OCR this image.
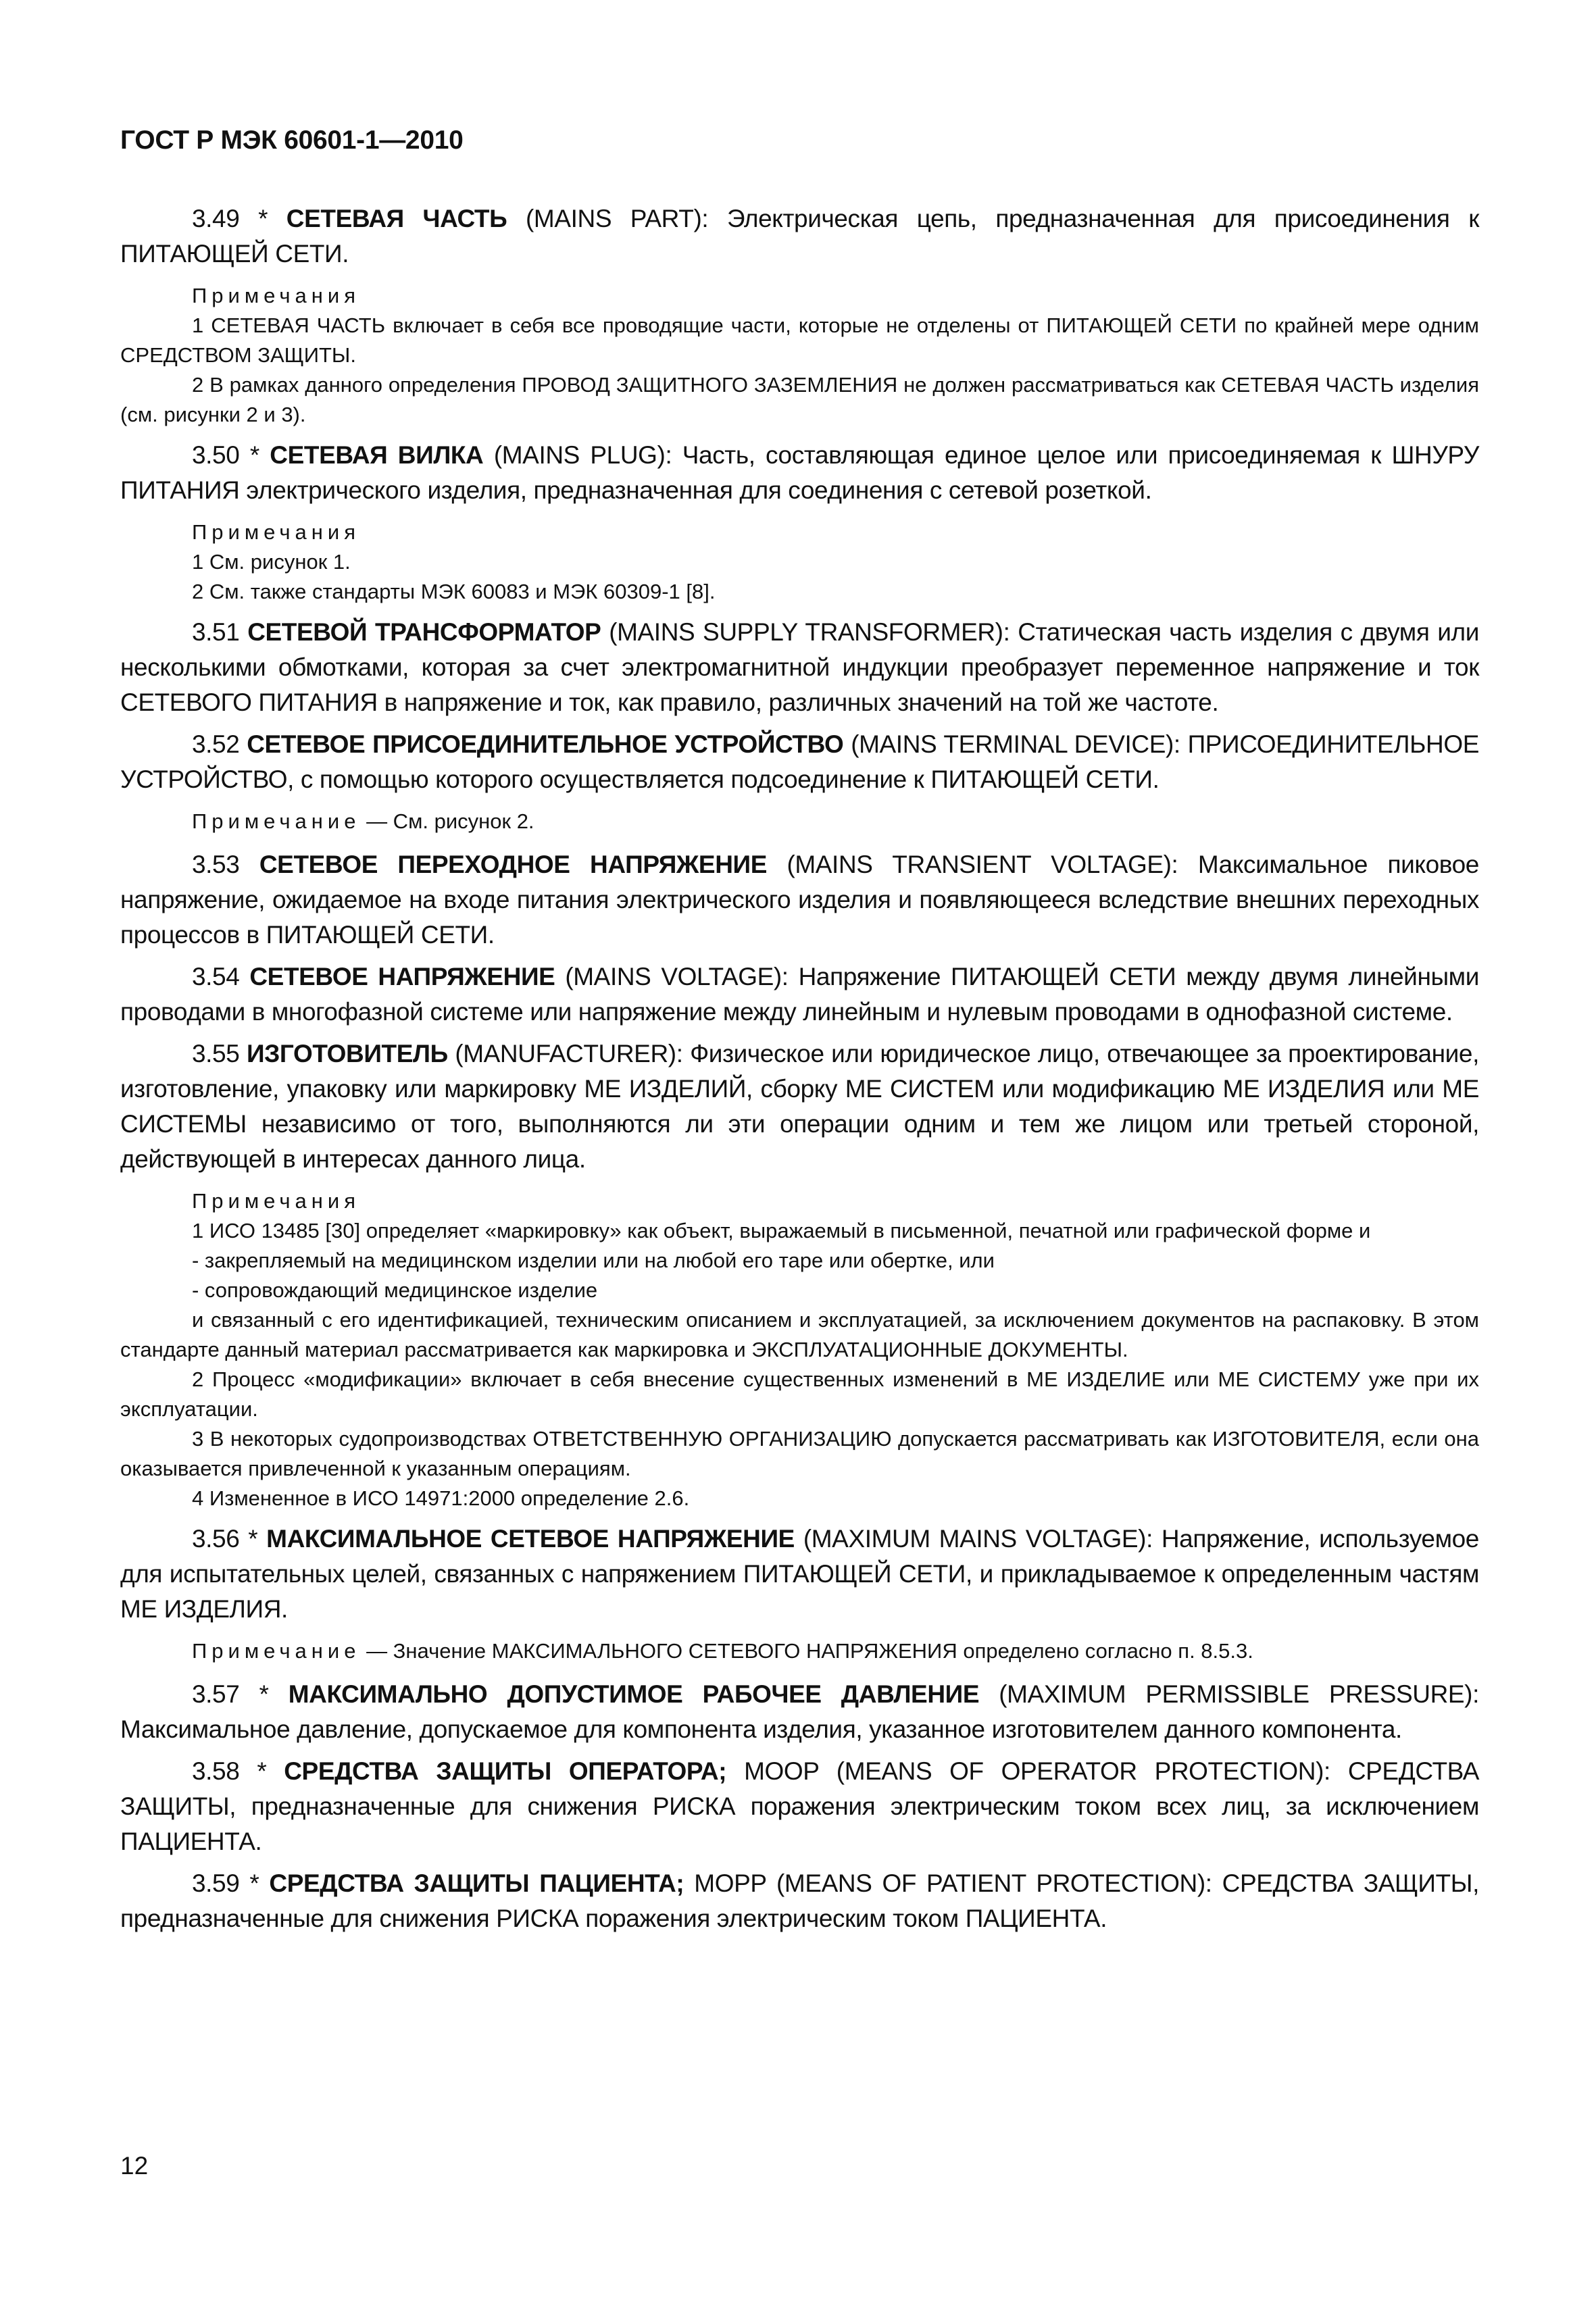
ГОСТ Р МЭК 60601-1—2010

3.49 * СЕТЕВАЯ ЧАСТЬ (MAINS PART): Электрическая цепь, предназначенная для присоединения к ПИТАЮЩЕЙ СЕТИ.

Примечания

1 СЕТЕВАЯ ЧАСТЬ включает в себя все проводящие части, которые не отделены от ПИТАЮЩЕЙ СЕТИ по крайней мере одним СРЕДСТВОМ ЗАЩИТЫ.

2 В рамках данного определения ПРОВОД ЗАЩИТНОГО ЗАЗЕМЛЕНИЯ не должен рассматриваться как СЕТЕВАЯ ЧАСТЬ изделия (см. рисунки 2 и 3).

3.50 * СЕТЕВАЯ ВИЛКА (MAINS PLUG): Часть, составляющая единое целое или присоединяемая к ШНУРУ ПИТАНИЯ электрического изделия, предназначенная для соединения с сетевой розеткой.

Примечания

1 См. рисунок 1.

2 См. также стандарты МЭК 60083 и МЭК 60309-1 [8].

3.51 СЕТЕВОЙ ТРАНСФОРМАТОР (MAINS SUPPLY TRANSFORMER): Статическая часть изделия с двумя или несколькими обмотками, которая за счет электромагнитной индукции преобразует переменное напряжение и ток СЕТЕВОГО ПИТАНИЯ в напряжение и ток, как правило, различных значений на той же частоте.

3.52 СЕТЕВОЕ ПРИСОЕДИНИТЕЛЬНОЕ УСТРОЙСТВО (MAINS TERMINAL DEVICE): ПРИСОЕДИНИТЕЛЬНОЕ УСТРОЙСТВО, с помощью которого осуществляется подсоединение к ПИТАЮЩЕЙ СЕТИ.

Примечание — См. рисунок 2.

3.53 СЕТЕВОЕ ПЕРЕХОДНОЕ НАПРЯЖЕНИЕ (MAINS TRANSIENT VOLTAGE): Максимальное пиковое напряжение, ожидаемое на входе питания электрического изделия и появляющееся вследствие внешних переходных процессов в ПИТАЮЩЕЙ СЕТИ.

3.54 СЕТЕВОЕ НАПРЯЖЕНИЕ (MAINS VOLTAGE): Напряжение ПИТАЮЩЕЙ СЕТИ между двумя линейными проводами в многофазной системе или напряжение между линейным и нулевым проводами в однофазной системе.

3.55 ИЗГОТОВИТЕЛЬ (MANUFACTURER): Физическое или юридическое лицо, отвечающее за проектирование, изготовление, упаковку или маркировку МЕ ИЗДЕЛИЙ, сборку МЕ СИСТЕМ или модификацию МЕ ИЗДЕЛИЯ или МЕ СИСТЕМЫ независимо от того, выполняются ли эти операции одним и тем же лицом или третьей стороной, действующей в интересах данного лица.

Примечания

1 ИСО 13485 [30] определяет «маркировку» как объект, выражаемый в письменной, печатной или графической форме и

- закрепляемый на медицинском изделии или на любой его таре или обертке, или

- сопровождающий медицинское изделие

и связанный с его идентификацией, техническим описанием и эксплуатацией, за исключением документов на распаковку. В этом стандарте данный материал рассматривается как маркировка и ЭКСПЛУАТАЦИОННЫЕ ДОКУМЕНТЫ.

2 Процесс «модификации» включает в себя внесение существенных изменений в МЕ ИЗДЕЛИЕ или МЕ СИСТЕМУ уже при их эксплуатации.

3 В некоторых судопроизводствах ОТВЕТСТВЕННУЮ ОРГАНИЗАЦИЮ допускается рассматривать как ИЗГОТОВИТЕЛЯ, если она оказывается привлеченной к указанным операциям.

4 Измененное в ИСО 14971:2000 определение 2.6.

3.56 * МАКСИМАЛЬНОЕ СЕТЕВОЕ НАПРЯЖЕНИЕ (MAXIMUM MAINS VOLTAGE): Напряжение, используемое для испытательных целей, связанных с напряжением ПИТАЮЩЕЙ СЕТИ, и прикладываемое к определенным частям МЕ ИЗДЕЛИЯ.

Примечание — Значение МАКСИМАЛЬНОГО СЕТЕВОГО НАПРЯЖЕНИЯ определено согласно п. 8.5.3.

3.57 * МАКСИМАЛЬНО ДОПУСТИМОЕ РАБОЧЕЕ ДАВЛЕНИЕ (MAXIMUM PERMISSIBLE PRESSURE): Максимальное давление, допускаемое для компонента изделия, указанное изготовителем данного компонента.

3.58 * СРЕДСТВА ЗАЩИТЫ ОПЕРАТОРА; MOOP (MEANS OF OPERATOR PROTECTION): СРЕДСТВА ЗАЩИТЫ, предназначенные для снижения РИСКА поражения электрическим током всех лиц, за исключением ПАЦИЕНТА.

3.59 * СРЕДСТВА ЗАЩИТЫ ПАЦИЕНТА; MOPP (MEANS OF PATIENT PROTECTION): СРЕДСТВА ЗАЩИТЫ, предназначенные для снижения РИСКА поражения электрическим током ПАЦИЕНТА.

12
